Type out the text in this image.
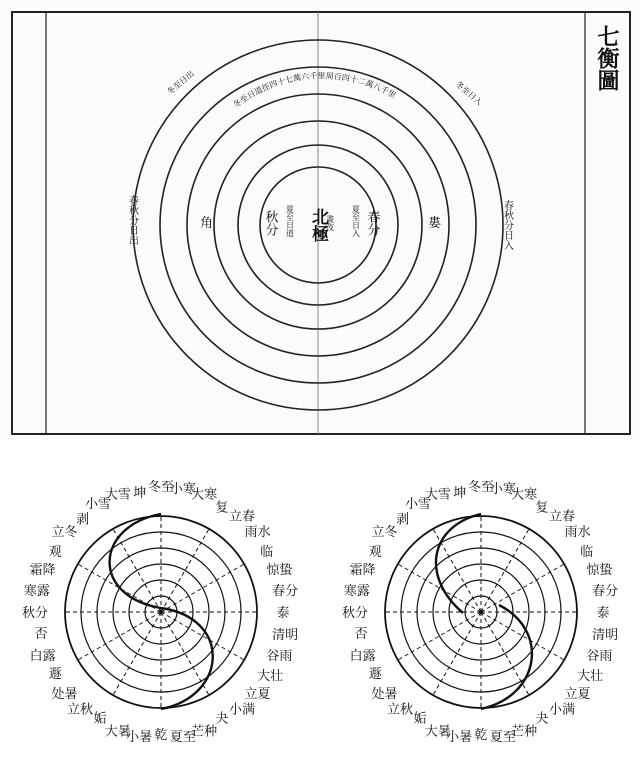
七衡圖
北極
晝夜 春分
秋分	夏至日入
夏至日道
角	婁
春秋分日出	春秋分日入
冬至日道徑四十七萬六千里周百四十二萬八千里
冬至日出	冬至日入
冬至
坤
大雪
小雪
剥
立冬
观
霜降
寒露
秋分
否
白露
遯
处暑
立秋
姤
大暑
小暑 乾 夏至
芒种
夬
小满
立夏
大壮
谷雨
清明
泰
春分
惊蛰
临
雨水
立春
复
大寒
小寒	冬至
坤
大雪
小雪
剥
立冬
观
霜降
寒露
秋分
否
白露
遯
处暑
立秋
姤
大暑
小暑 乾 夏至
芒种
夬
小满
立夏
大壮
谷雨
清明
泰
春分
惊蛰
临
雨水
立春
复
大寒
小寒
